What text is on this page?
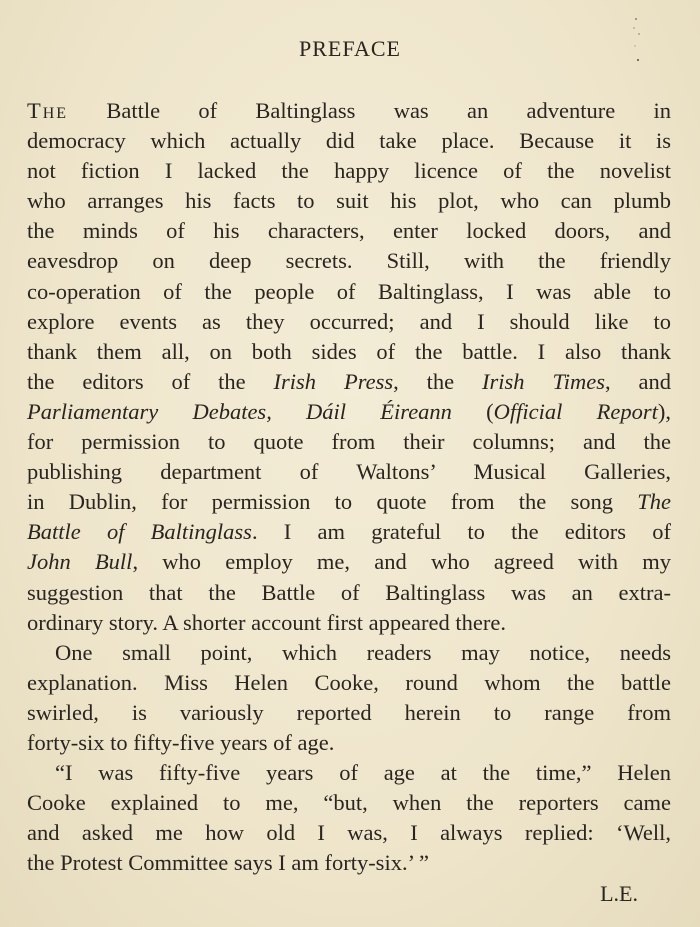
PREFACE
The Battle of Baltinglass was an adventure in
democracy which actually did take place. Because it is
not fiction I lacked the happy licence of the novelist
who arranges his facts to suit his plot, who can plumb
the minds of his characters, enter locked doors, and
eavesdrop on deep secrets. Still, with the friendly
co-operation of the people of Baltinglass, I was able to
explore events as they occurred; and I should like to
thank them all, on both sides of the battle. I also thank
the editors of the Irish Press, the Irish Times, and
Parliamentary Debates, Dáil Éireann (Official Report),
for permission to quote from their columns; and the
publishing department of Waltons’ Musical Galleries,
in Dublin, for permission to quote from the song The
Battle of Baltinglass. I am grateful to the editors of
John Bull, who employ me, and who agreed with my
suggestion that the Battle of Baltinglass was an extra-
ordinary story. A shorter account first appeared there.
One small point, which readers may notice, needs
explanation. Miss Helen Cooke, round whom the battle
swirled, is variously reported herein to range from
forty-six to fifty-five years of age.
“I was fifty-five years of age at the time,” Helen
Cooke explained to me, “but, when the reporters came
and asked me how old I was, I always replied: ‘Well,
the Protest Committee says I am forty-six.’ ”
L.E.
